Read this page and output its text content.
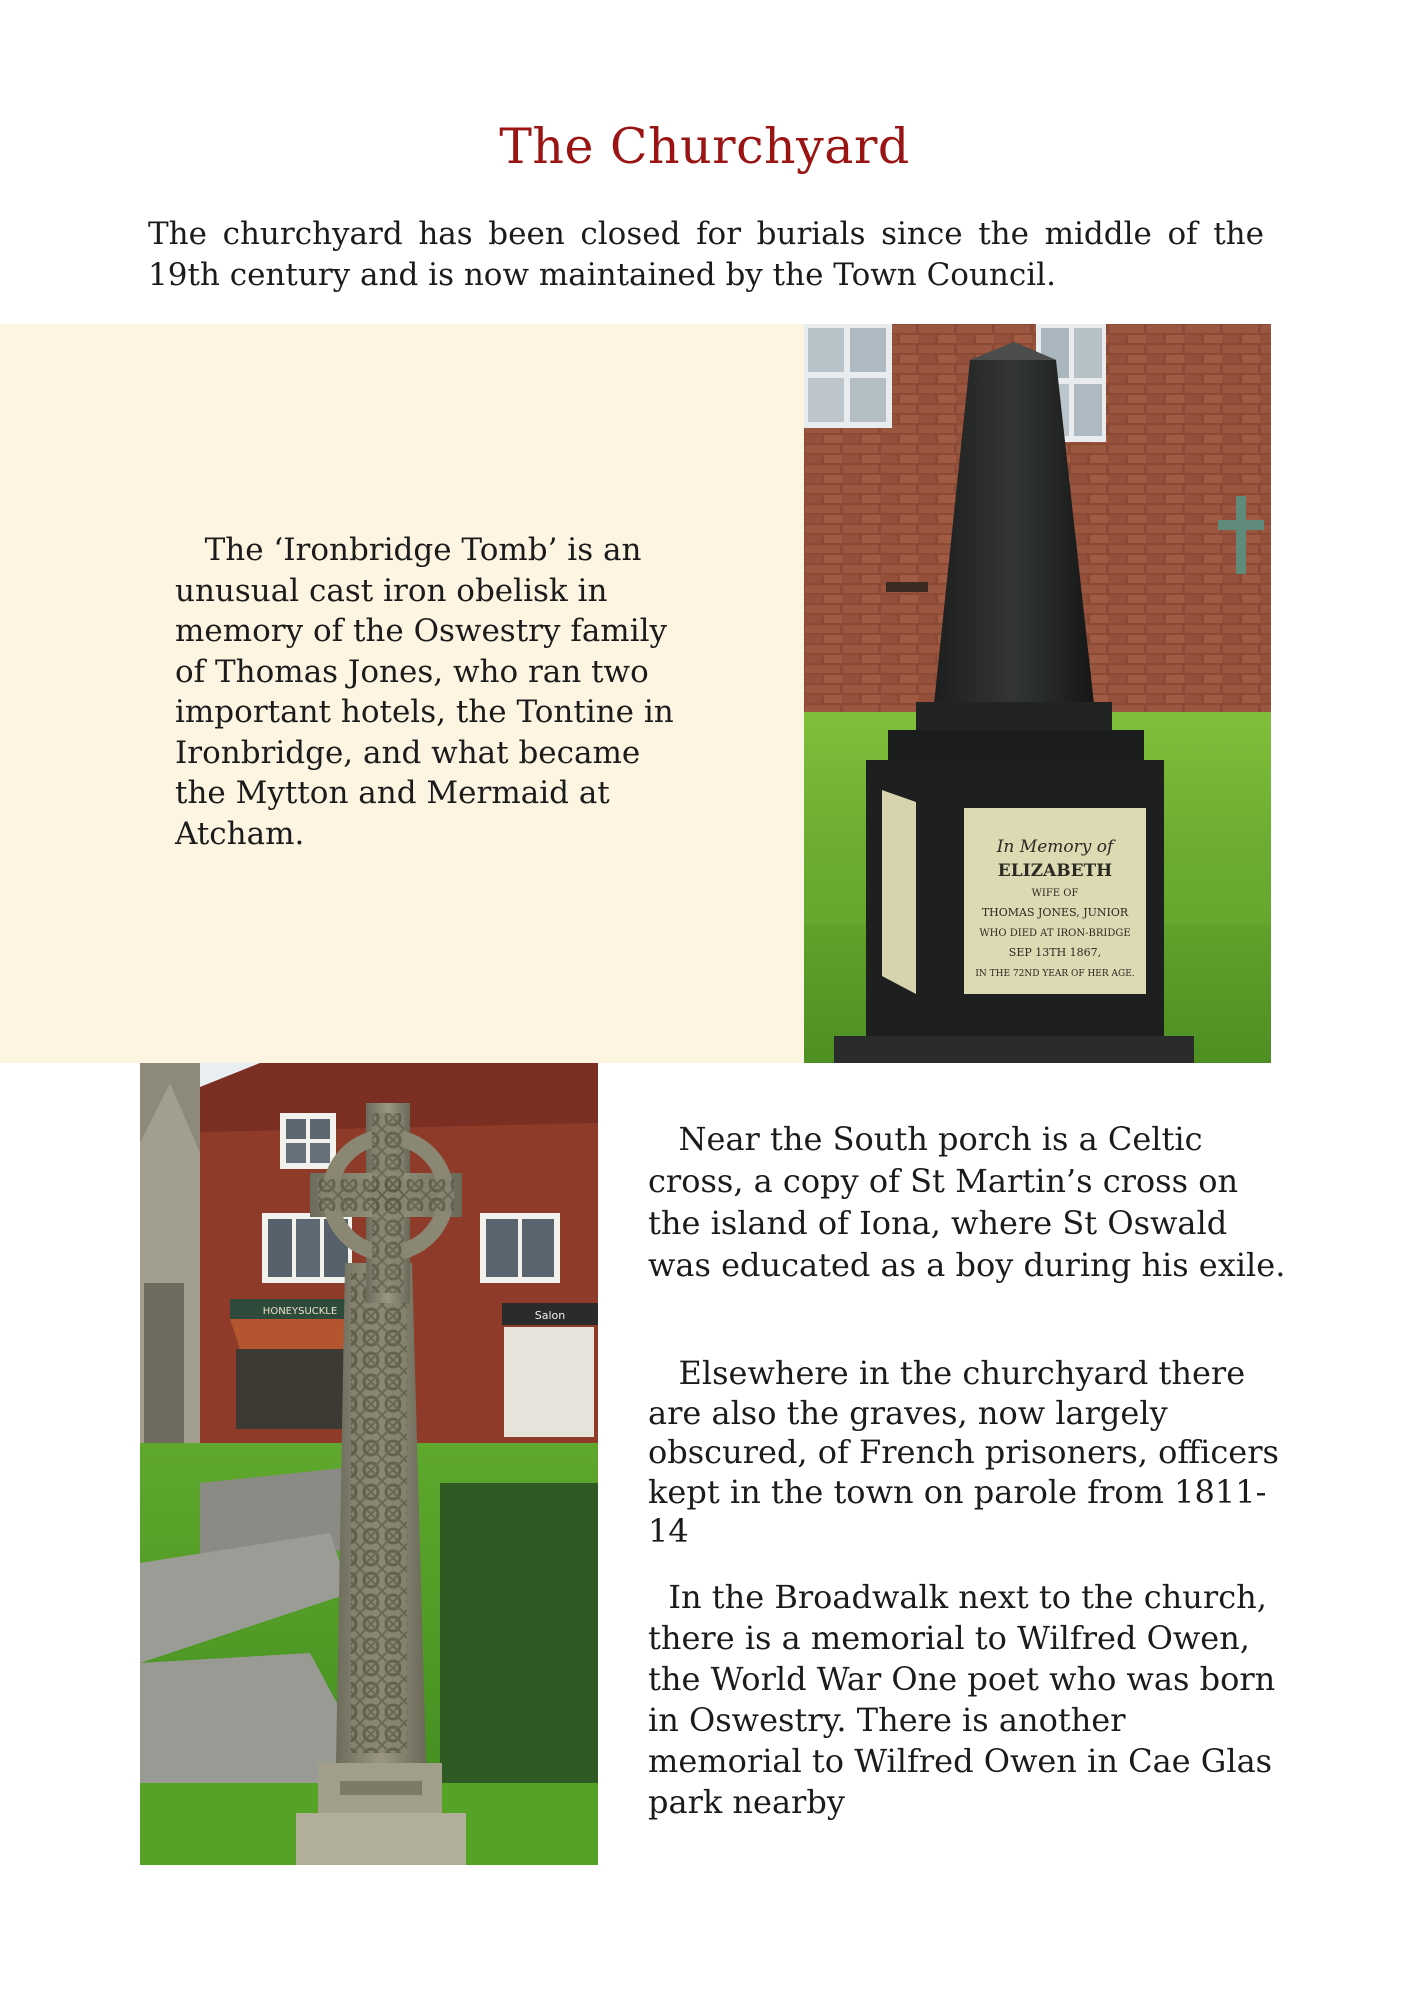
The Churchyard

The churchyard has been closed for burials since the middle of the 19th century and is now maintained by the Town Council.

The ‘Ironbridge Tomb’ is an unusual cast iron obelisk in memory of the Oswestry family of Thomas Jones, who ran two important hotels, the Tontine in Ironbridge, and what became the Mytton and Mermaid at Atcham.	In Memory of
ELIZABETH
WIFE OF
THOMAS JONES, JUNIOR
WHO DIED AT IRON-BRIDGE
SEP 13TH 1867,
IN THE 72ND YEAR OF HER AGE.
HONEYSUCKLE	Salon

Near the South porch is a Celtic cross, a copy of St Martin’s cross on the island of Iona, where St Oswald was educated as a boy during his exile.

Elsewhere in the churchyard there are also the graves, now largely obscured, of French prisoners, officers kept in the town on parole from 1811-14

In the Broadwalk next to the church, there is a memorial to Wilfred Owen, the World War One poet who was born in Oswestry. There is another memorial to Wilfred Owen in Cae Glas park nearby
